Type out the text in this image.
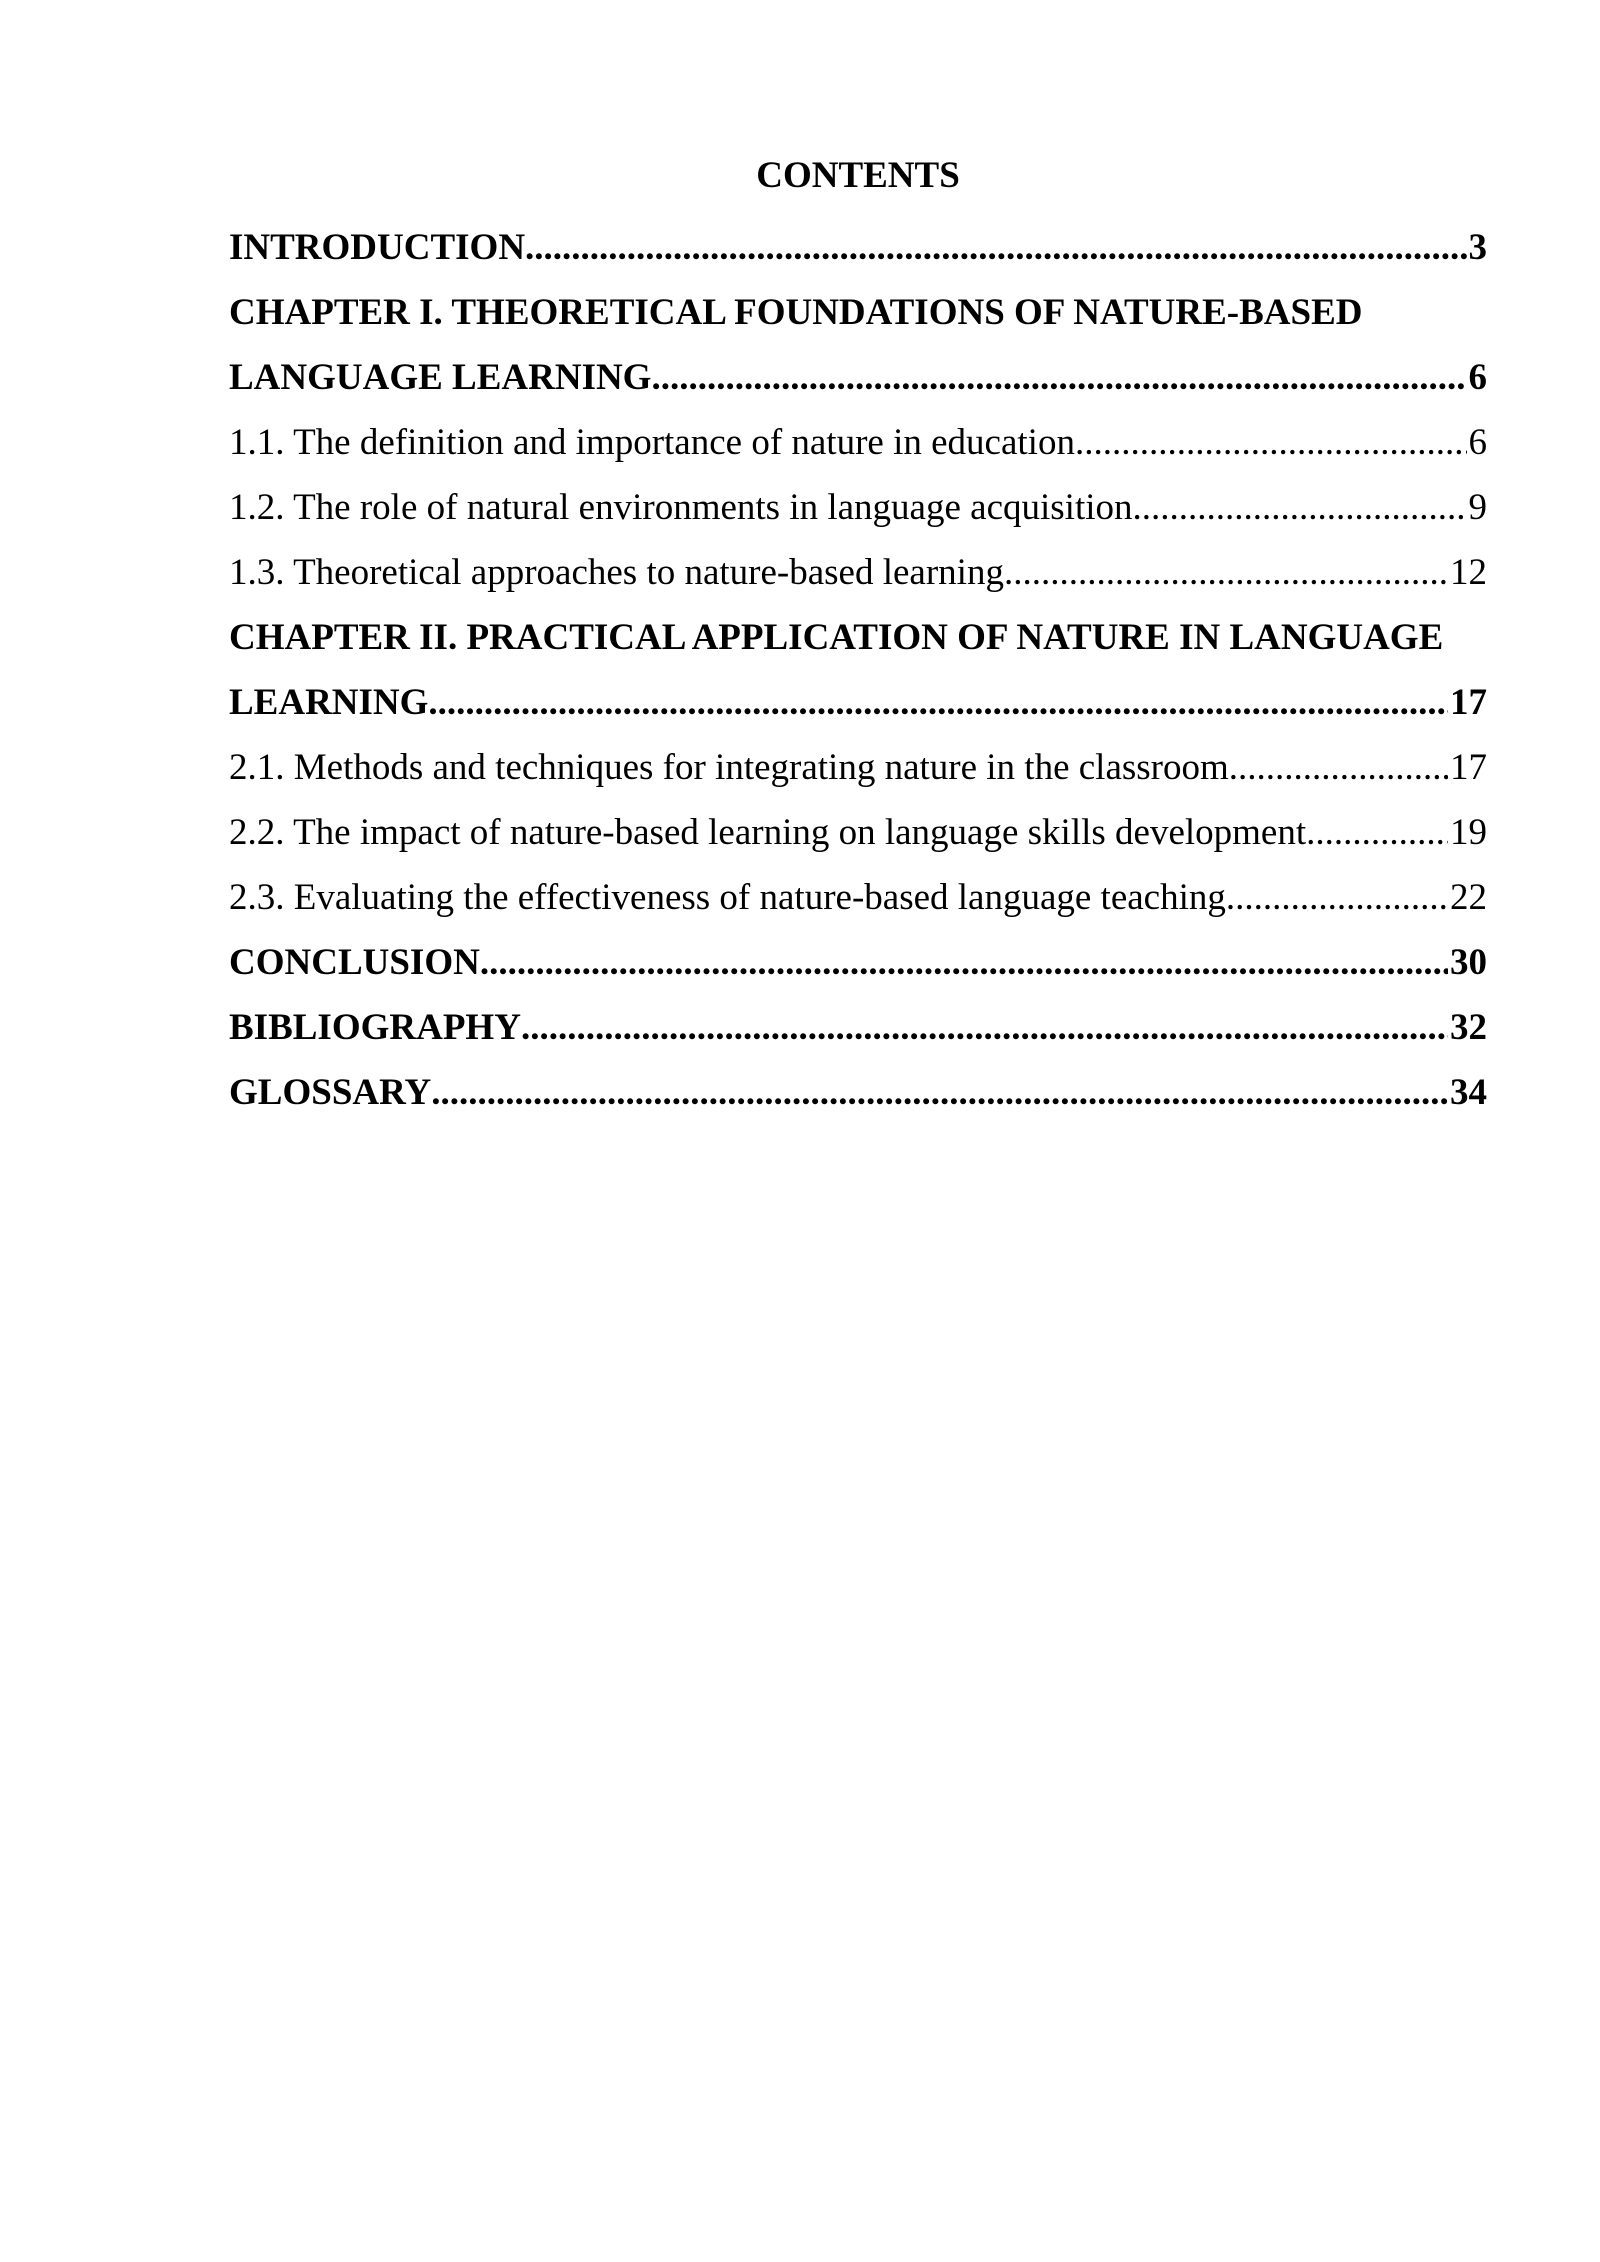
CONTENTS
INTRODUCTION .....	3
CHAPTER I. THEORETICAL FOUNDATIONS OF NATURE-BASED
LANGUAGE LEARNING .....	6
1.1. The definition and importance of nature in education .....	6
1.2. The role of natural environments in language acquisition .....	9
1.3. Theoretical approaches to nature-based learning .....	12
CHAPTER II. PRACTICAL APPLICATION OF NATURE IN LANGUAGE
LEARNING .....	17
2.1. Methods and techniques for integrating nature in the classroom .....	17
2.2. The impact of nature-based learning on language skills development .....	19
2.3. Evaluating the effectiveness of nature-based language teaching .....	22
CONCLUSION .....	30
BIBLIOGRAPHY .....	32
GLOSSARY .....	34
